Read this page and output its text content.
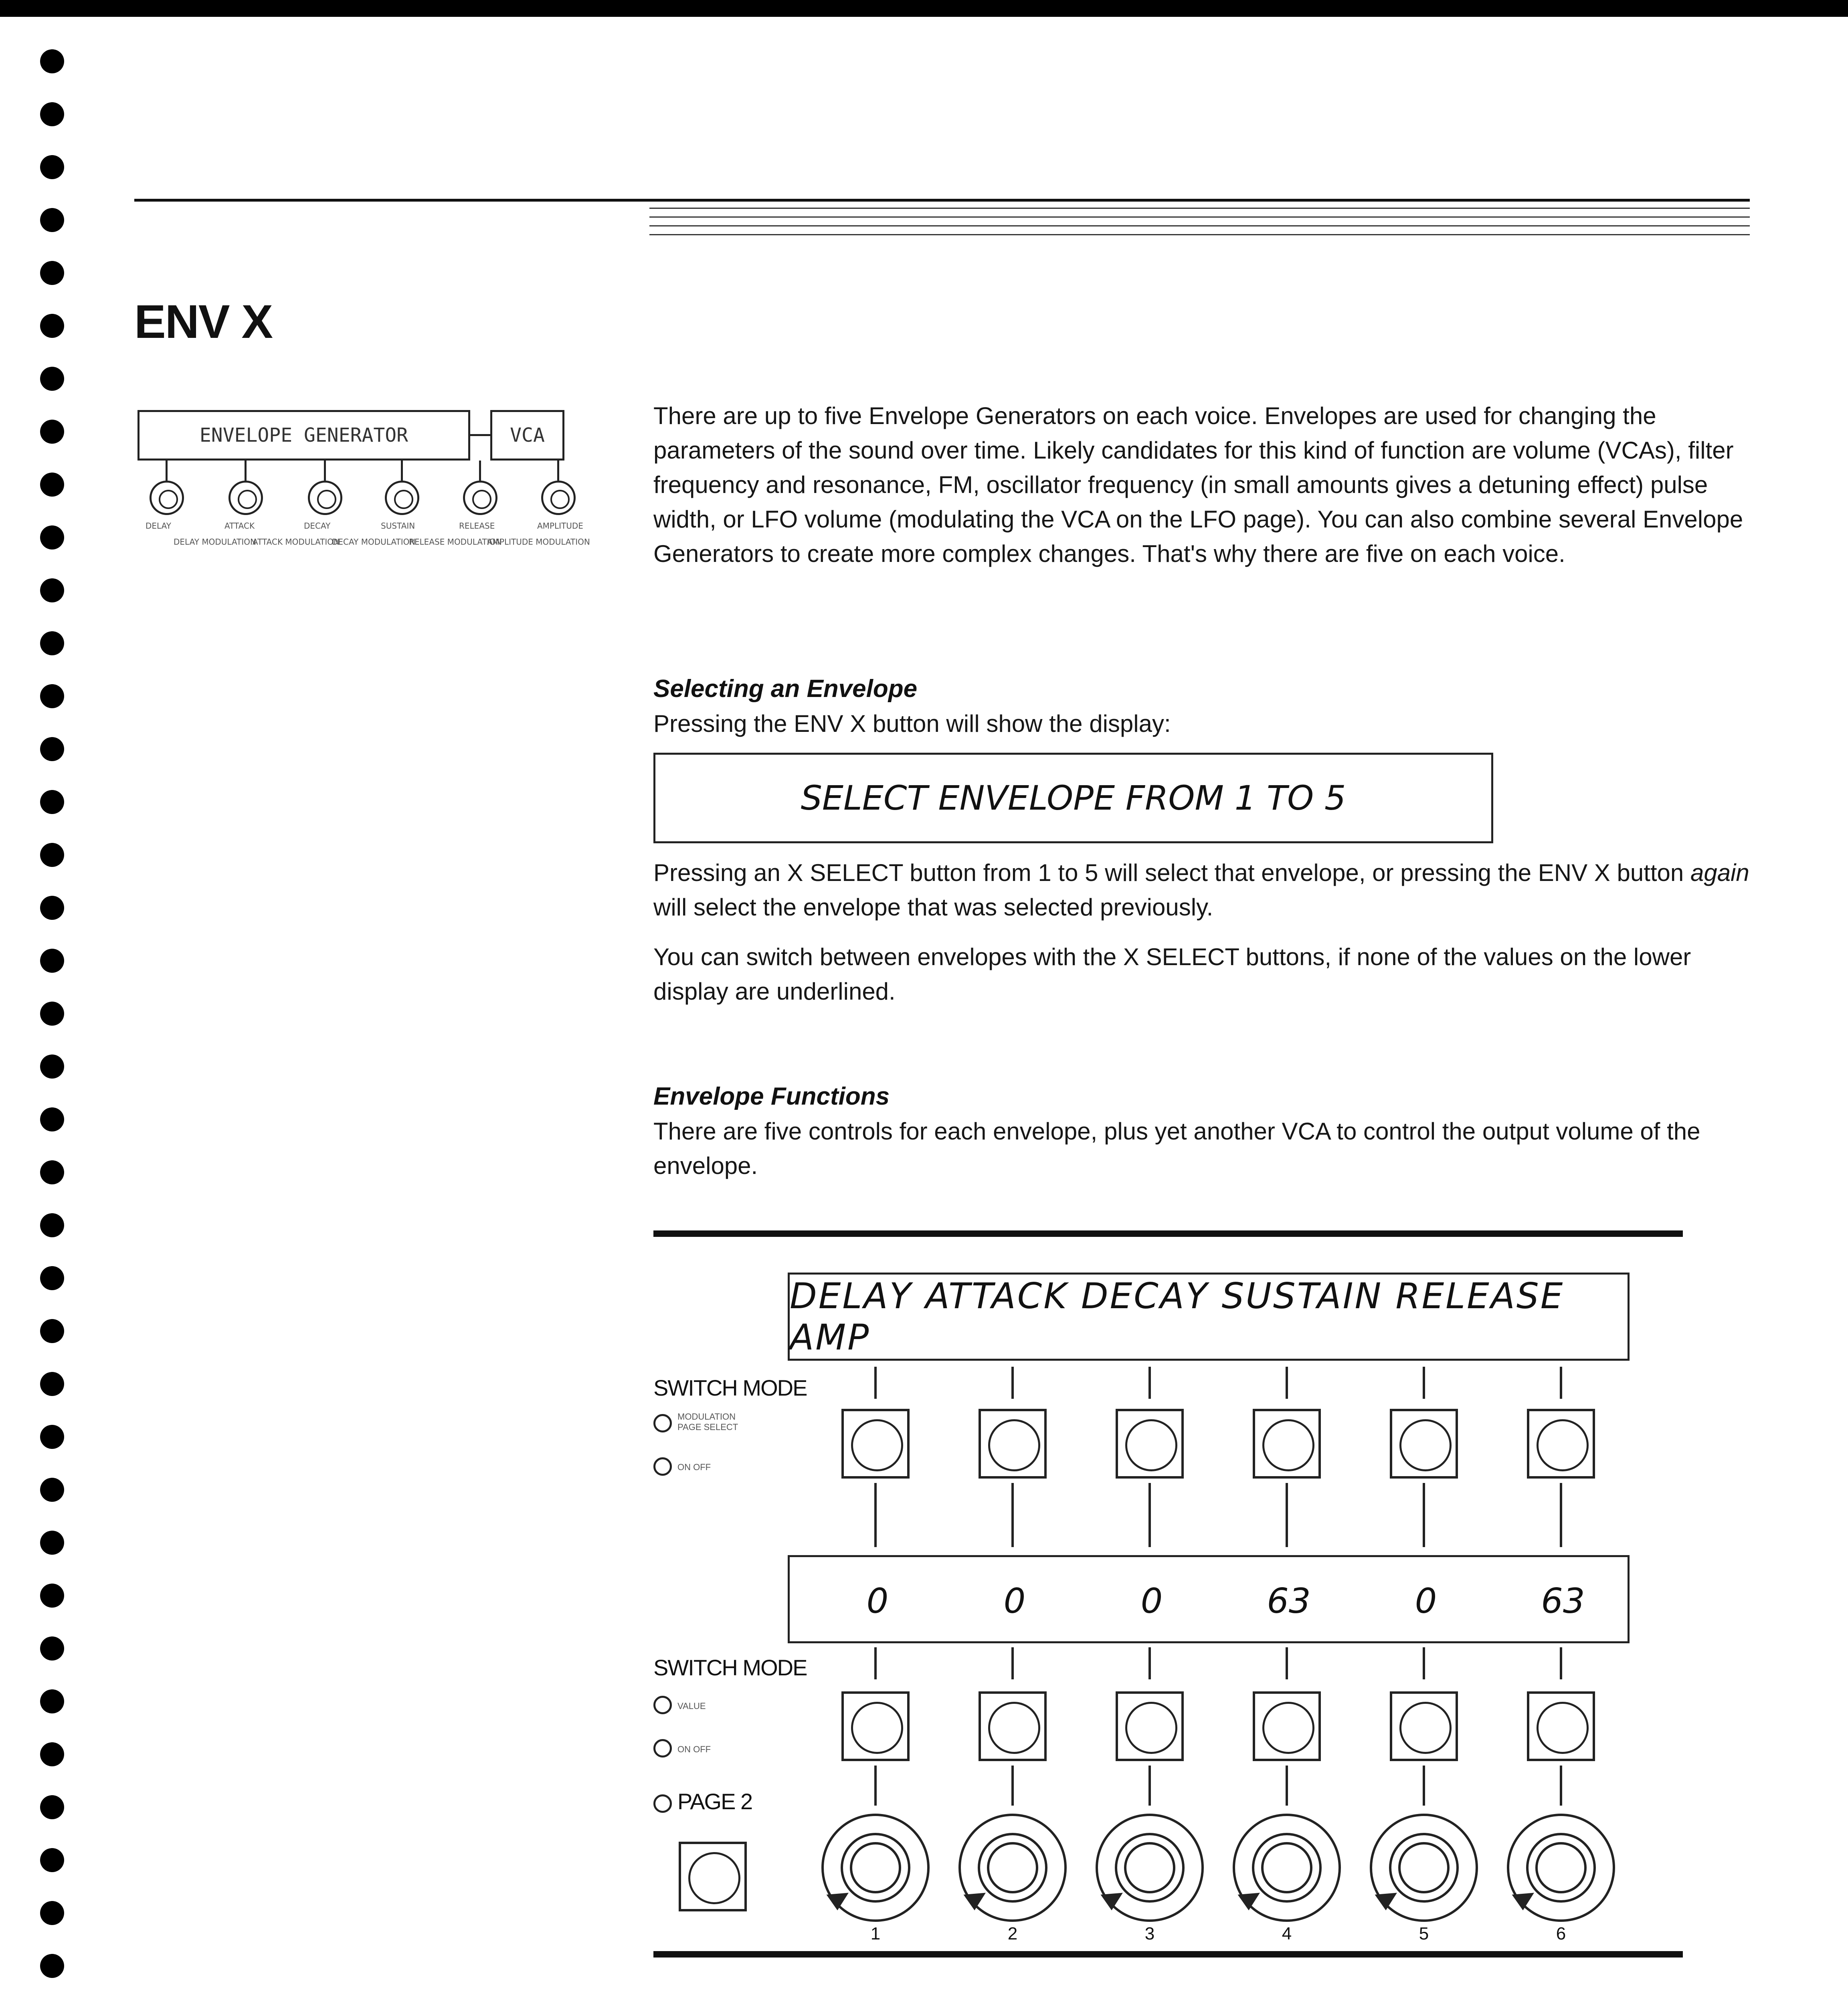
ENV X
ENVELOPE GENERATOR	VCA
DELAY
DELAY MODULATION
ATTACK
ATTACK MODULATION
DECAY
DECAY MODULATION
SUSTAIN
RELEASE MODULATION
RELEASE
AMPLITUDE MODULATION
AMPLITUDE

There are up to five Envelope Generators on each voice. Envelopes are used for changing the parameters of the sound over time. Likely candidates for this kind of function are volume (VCAs), filter frequency and resonance, FM, oscillator frequency (in small amounts gives a detuning effect) pulse width, or LFO volume (modulating the VCA on the LFO page). You can also combine several Envelope Generators to create more complex changes. That's why there are five on each voice.

Selecting an Envelope

Pressing the ENV X button will show the display:

SELECT ENVELOPE FROM 1 TO 5

Pressing an X SELECT button from 1 to 5 will select that envelope, or pressing the ENV X button again will select the envelope that was selected previously.

You can switch between envelopes with the X SELECT buttons, if none of the values on the lower display are underlined.

Envelope Functions

There are five controls for each envelope, plus yet another VCA to control the output volume of the envelope.

DELAY ATTACK DECAY SUSTAIN RELEASE AMP
SWITCH MODE
MODULATION PAGE SELECT
ON OFF
0	0	0	63	0	63
SWITCH MODE
VALUE
ON OFF
PAGE 2
1	2	3	4	5	6
